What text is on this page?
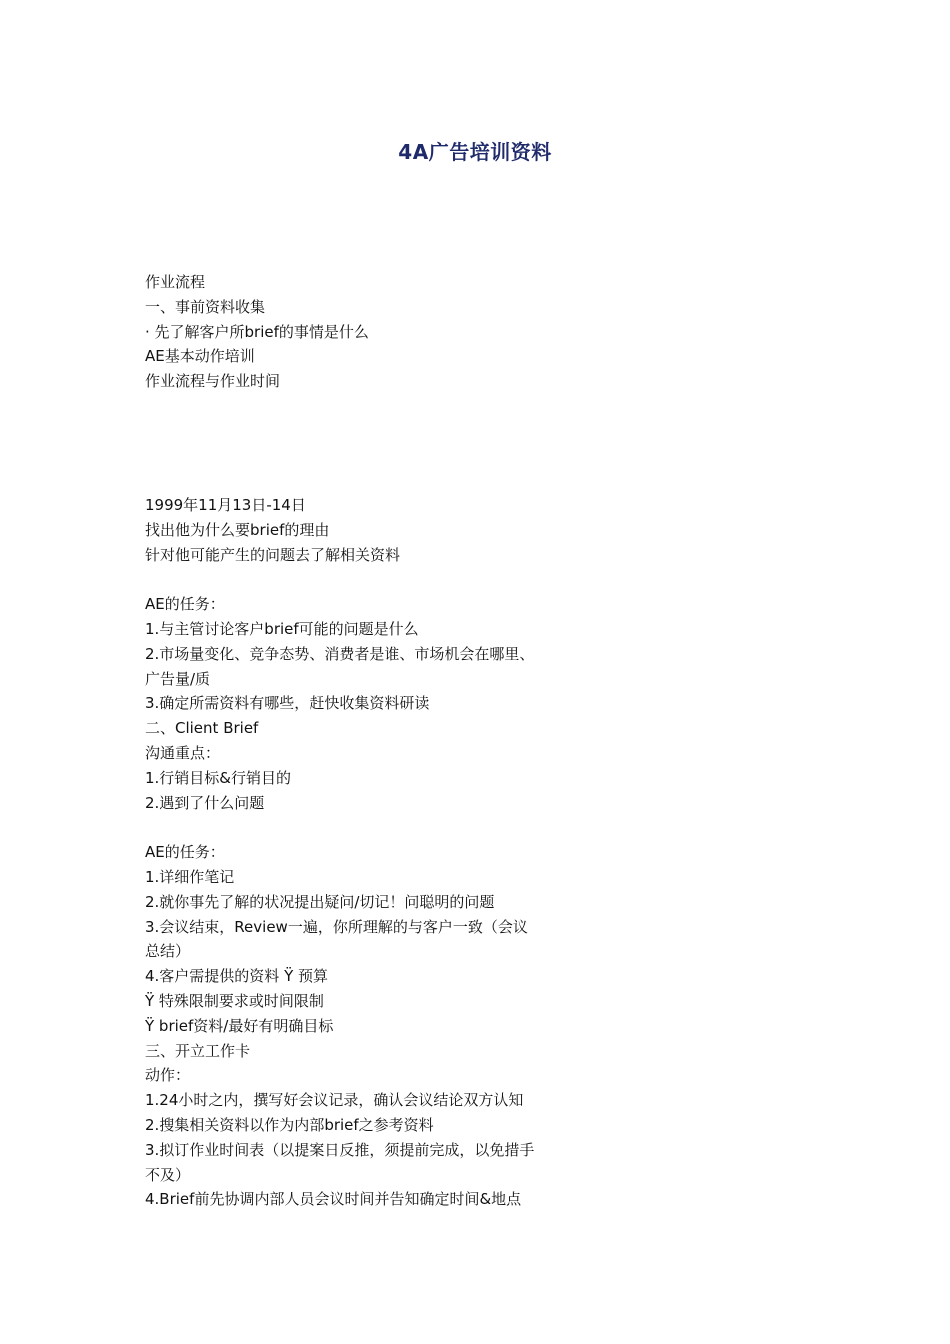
4A广告培训资料
作业流程
一、事前资料收集
· 先了解客户所brief的事情是什么
AE基本动作培训
作业流程与作业时间
1999年11月13日-14日
找出他为什么要brief的理由
针对他可能产生的问题去了解相关资料
AE的任务：
1.与主管讨论客户brief可能的问题是什么
2.市场量变化、竞争态势、消费者是谁、市场机会在哪里、
广告量/质
3.确定所需资料有哪些，赶快收集资料研读
二、Client Brief
沟通重点：
1.行销目标&行销目的
2.遇到了什么问题
AE的任务：
1.详细作笔记
2.就你事先了解的状况提出疑问/切记！问聪明的问题
3.会议结束，Review一遍，你所理解的与客户一致（会议
总结）
4.客户需提供的资料 Ÿ 预算
Ÿ 特殊限制要求或时间限制
Ÿ brief资料/最好有明确目标
三、开立工作卡
动作：
1.24小时之内，撰写好会议记录，确认会议结论双方认知
2.搜集相关资料以作为内部brief之参考资料
3.拟订作业时间表（以提案日反推，须提前完成，以免措手
不及）
4.Brief前先协调内部人员会议时间并告知确定时间&地点
